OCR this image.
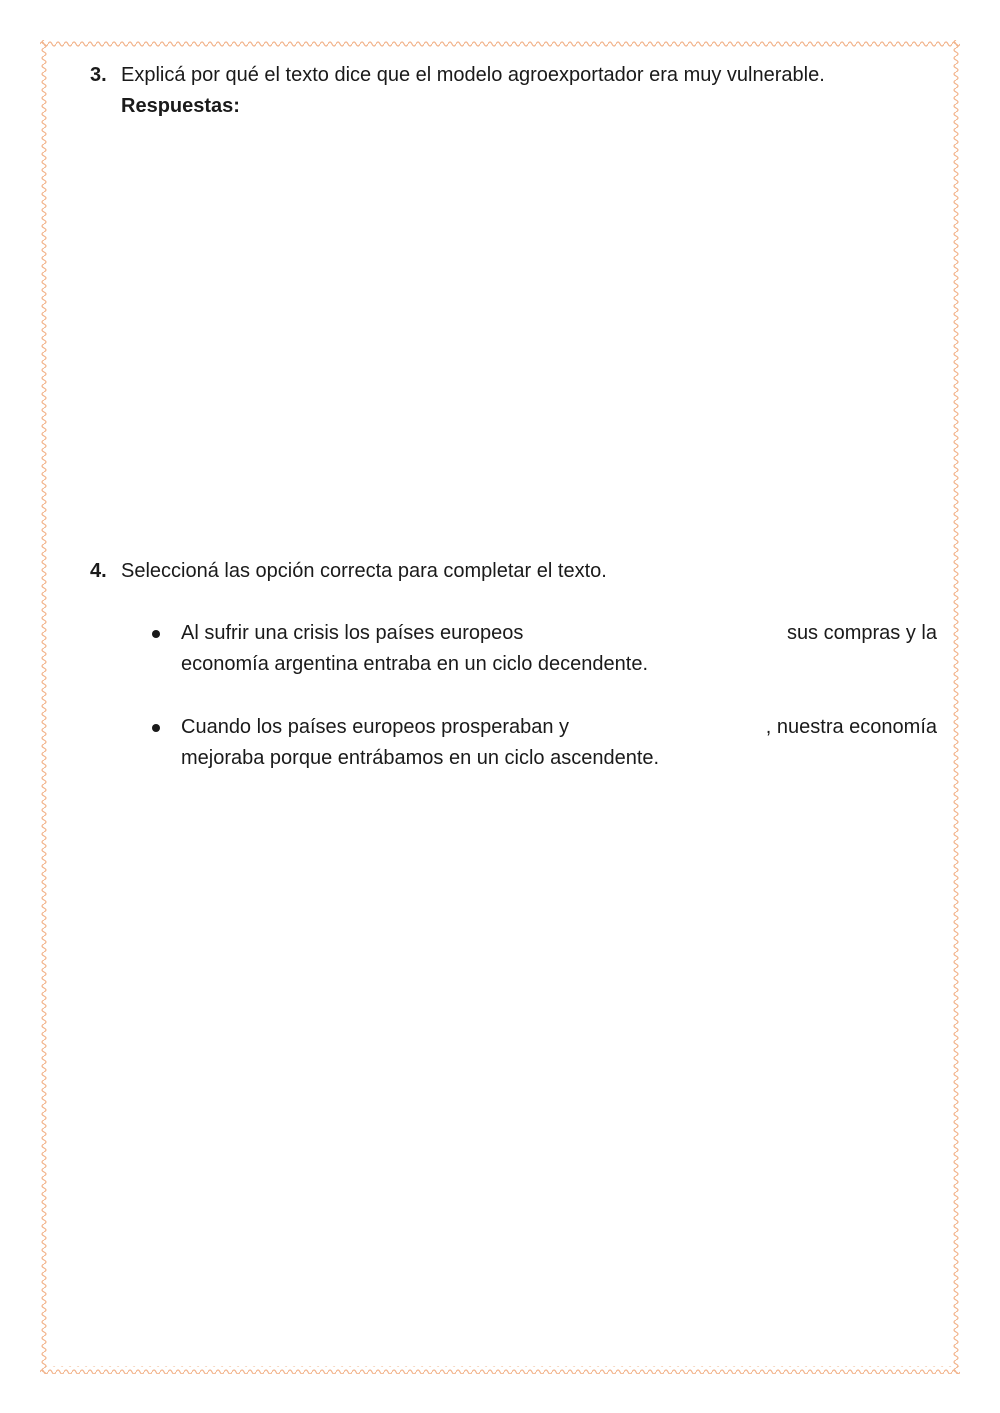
3. Explicá por qué el texto dice que el modelo agroexportador era muy vulnerable.
Respuestas:
4. Seleccioná las opción correcta para completar el texto.
Al sufrir una crisis los países europeos	sus compras y la
economía argentina entraba en un ciclo decendente.
Cuando los países europeos prosperaban y	, nuestra economía
mejoraba porque entrábamos en un ciclo ascendente.
